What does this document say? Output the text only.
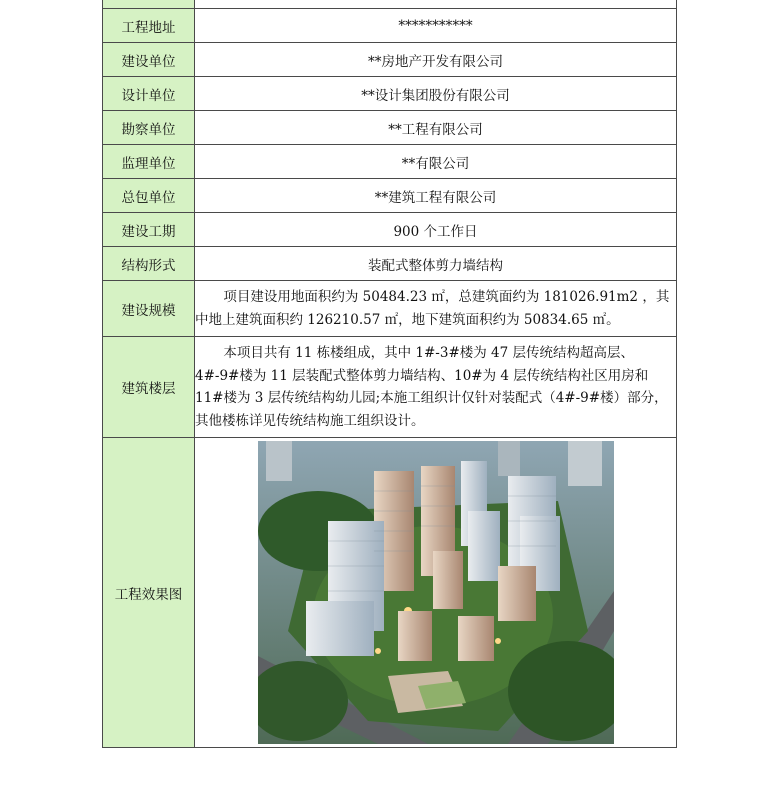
工程地址	***********
建设单位	**房地产开发有限公司
设计单位	**设计集团股份有限公司
勘察单位	**工程有限公司
监理单位	**有限公司
总包单位	**建筑工程有限公司
建设工期	900 个工作日
结构形式	装配式整体剪力墙结构
建设规模	项目建设用地面积约为 50484.23 ㎡，总建筑面约为 181026.91m2 ，其中地上建筑面积约 126210.57 ㎡，地下建筑面积约为 50834.65 ㎡。
建筑楼层	本项目共有 11 栋楼组成，其中 1#-3#楼为 47 层传统结构超高层、4#-9#楼为 11 层装配式整体剪力墙结构、10#为 4 层传统结构社区用房和 11#楼为 3 层传统结构幼儿园;本施工组织计仅针对装配式（4#-9#楼）部分，其他楼栋详见传统结构施工组织设计。
工程效果图	
